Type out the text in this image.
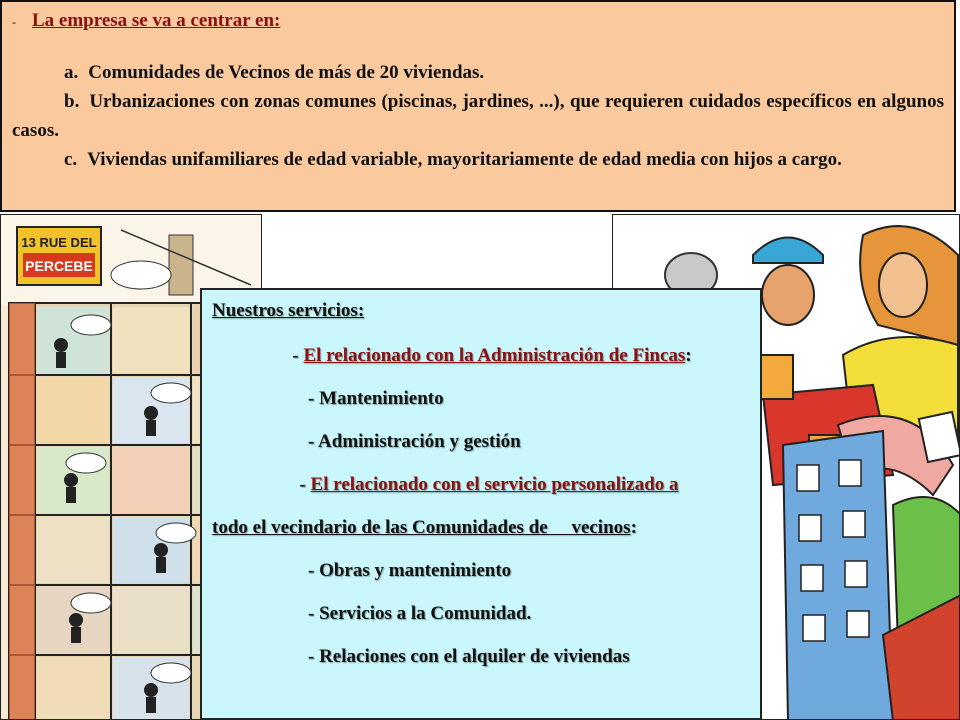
- La empresa se va a centrar en:

a. Comunidades de Vecinos de más de 20 viviendas.

b. Urbanizaciones con zonas comunes (piscinas, jardines, ...), que requieren cuidados específicos en algunos casos.

c. Viviendas unifamiliares de edad variable, mayoritariamente de edad media con hijos a cargo.

13 RUE DEL
PERCEBE

Nuestros servicios:

- El relacionado con la Administración de Fincas:

- Mantenimiento

- Administración y gestión

- El relacionado con el servicio personalizado a

todo el vecindario de las Comunidades de     vecinos:

- Obras y mantenimiento

- Servicios a la Comunidad.

- Relaciones con el alquiler de viviendas
